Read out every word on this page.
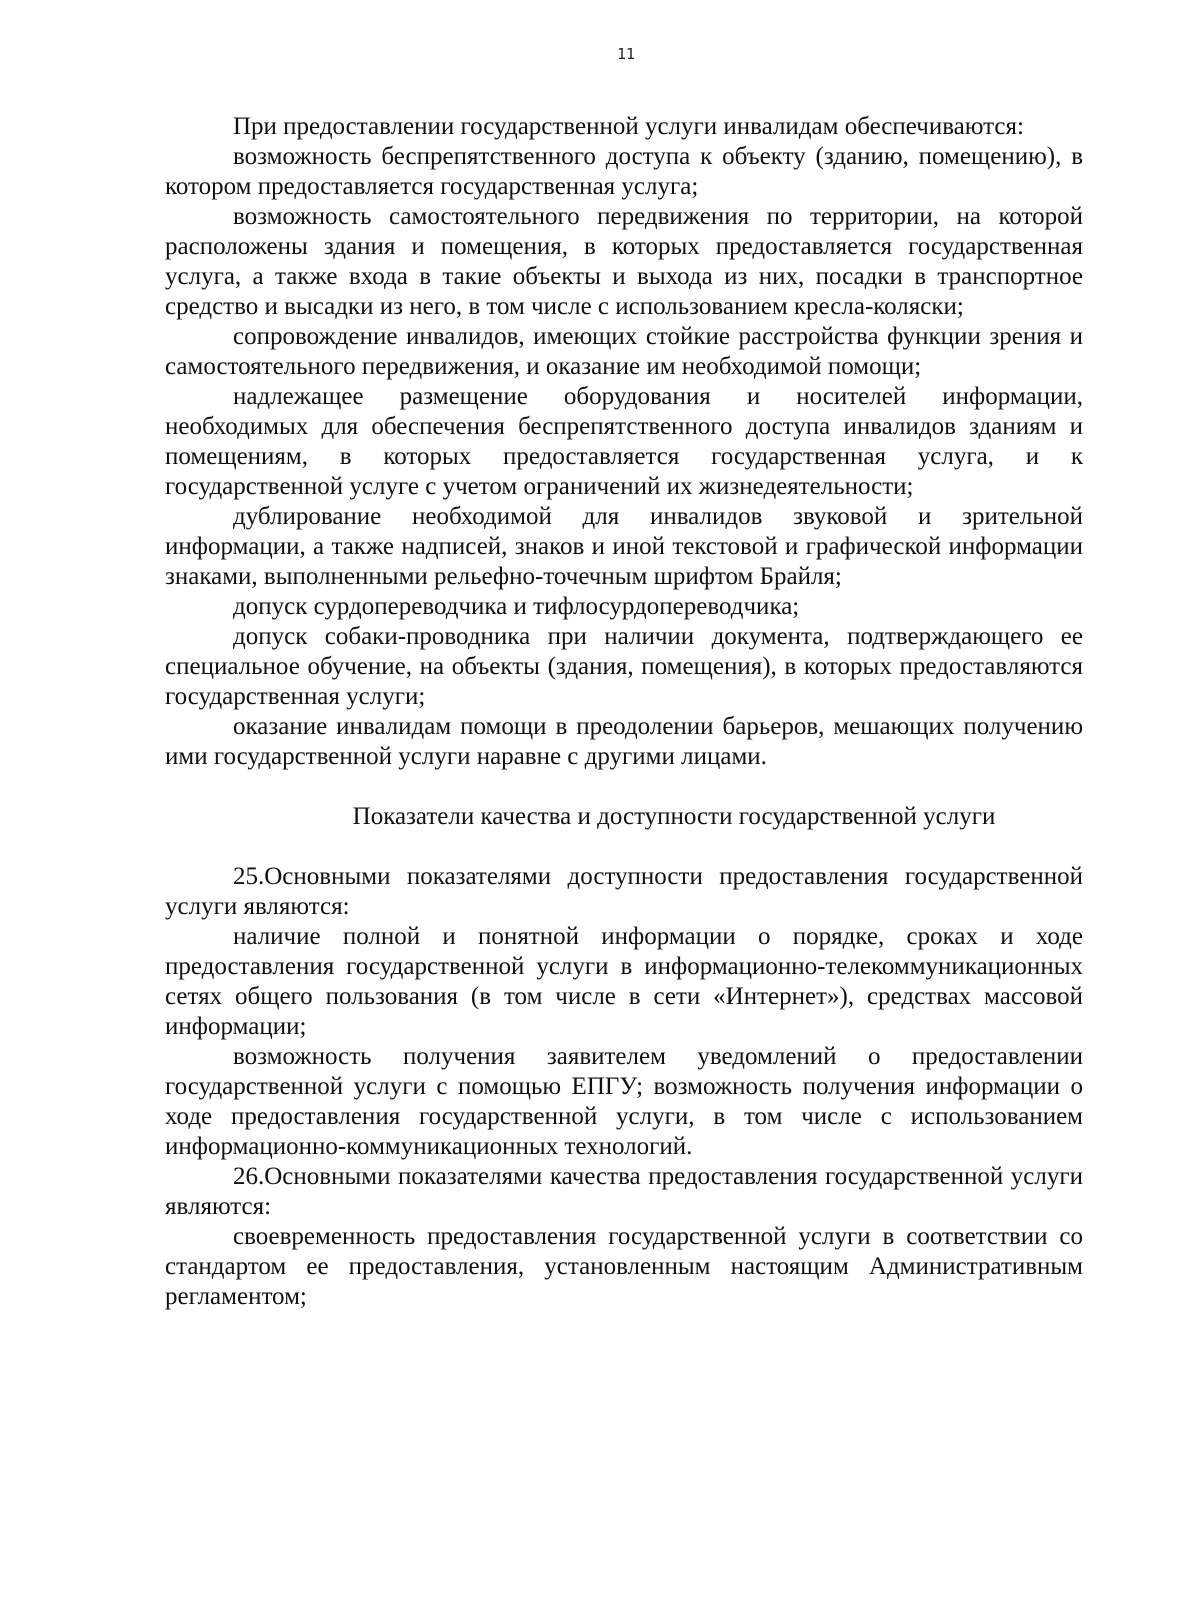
11

При предоставлении государственной услуги инвалидам обеспечиваются:

возможность беспрепятственного доступа к объекту (зданию, помещению), в котором предоставляется государственная услуга;

возможность самостоятельного передвижения по территории, на которой расположены здания и помещения, в которых предоставляется государственная услуга, а также входа в такие объекты и выхода из них, посадки в транспортное средство и высадки из него, в том числе с использованием кресла-коляски;

сопровождение инвалидов, имеющих стойкие расстройства функции зрения и самостоятельного передвижения, и оказание им необходимой помощи;

надлежащее размещение оборудования и носителей информации, необходимых для обеспечения беспрепятственного доступа инвалидов зданиям и помещениям, в которых предоставляется государственная услуга, и к государственной услуге с учетом ограничений их жизнедеятельности;

дублирование необходимой для инвалидов звуковой и зрительной информации, а также надписей, знаков и иной текстовой и графической информации знаками, выполненными рельефно-точечным шрифтом Брайля;

допуск сурдопереводчика и тифлосурдопереводчика;

допуск собаки-проводника при наличии документа, подтверждающего ее специальное обучение, на объекты (здания, помещения), в которых предоставляются государственная услуги;

оказание инвалидам помощи в преодолении барьеров, мешающих получению ими государственной услуги наравне с другими лицами.

Показатели качества и доступности государственной услуги

25.Основными показателями доступности предоставления государственной услуги являются:

наличие полной и понятной информации о порядке, сроках и ходе предоставления государственной услуги в информационно-телекоммуникационных сетях общего пользования (в том числе в сети «Интернет»), средствах массовой информации;

возможность получения заявителем уведомлений о предоставлении государственной услуги с помощью ЕПГУ; возможность получения информации о ходе предоставления государственной услуги, в том числе с использованием информационно-коммуникационных технологий.

26.Основными показателями качества предоставления государственной услуги являются:

своевременность предоставления государственной услуги в соответствии со стандартом ее предоставления, установленным настоящим Административным регламентом;
